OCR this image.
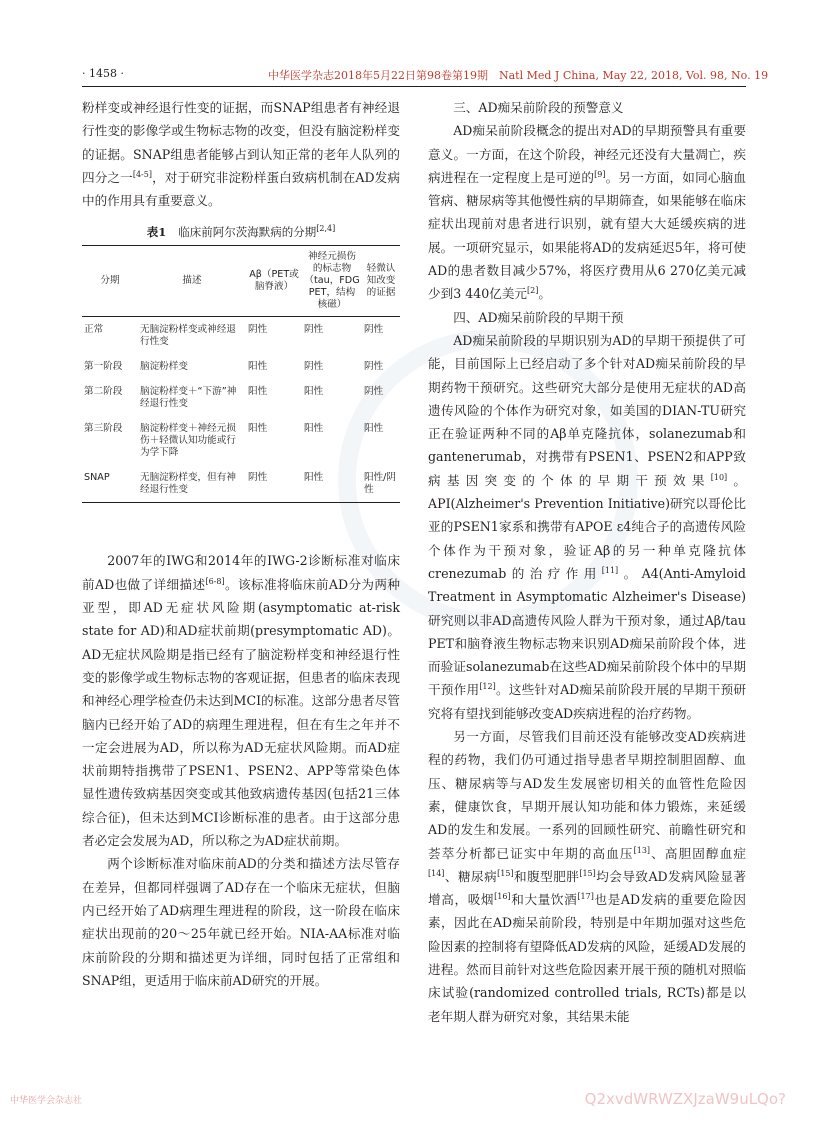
· 1458 ·	中华医学杂志2018年5月22日第98卷第19期　Natl Med J China, May 22, 2018, Vol. 98, No. 19

粉样变或神经退行性变的证据，而SNAP组患者有神经退行性变的影像学或生物标志物的改变，但没有脑淀粉样变的证据。SNAP组患者能够占到认知正常的老年人队列的四分之一[4-5]，对于研究非淀粉样蛋白致病机制在AD发病中的作用具有重要意义。

表1 临床前阿尔茨海默病的分期[2,4]
分期	描述	Aβ（PET或脑脊液）	神经元损伤的标志物（tau，FDG PET，结构核磁）	轻微认知改变的证据
正常	无脑淀粉样变或神经退行性变	阴性	阴性	阴性
第一阶段	脑淀粉样变	阳性	阴性	阴性
第二阶段	脑淀粉样变＋“下游”神经退行性变	阳性	阳性	阴性
第三阶段	脑淀粉样变＋神经元损伤＋轻微认知功能或行为学下降	阳性	阳性	阳性
SNAP	无脑淀粉样变，但有神经退行性变	阴性	阳性	阳性/阴性

2007年的IWG和2014年的IWG-2诊断标准对临床前AD也做了详细描述[6-8]。该标准将临床前AD分为两种亚型，即AD无症状风险期(asymptomatic at-risk state for AD)和AD症状前期(presymptomatic AD)。AD无症状风险期是指已经有了脑淀粉样变和神经退行性变的影像学或生物标志物的客观证据，但患者的临床表现和神经心理学检查仍未达到MCI的标准。这部分患者尽管脑内已经开始了AD的病理生理进程，但在有生之年并不一定会进展为AD，所以称为AD无症状风险期。而AD症状前期特指携带了PSEN1、PSEN2、APP等常染色体显性遗传致病基因突变或其他致病遗传基因(包括21三体综合征)，但未达到MCI诊断标准的患者。由于这部分患者必定会发展为AD，所以称之为AD症状前期。

两个诊断标准对临床前AD的分类和描述方法尽管存在差异，但都同样强调了AD存在一个临床无症状，但脑内已经开始了AD病理生理进程的阶段，这一阶段在临床症状出现前的20～25年就已经开始。NIA-AA标准对临床前阶段的分期和描述更为详细，同时包括了正常组和SNAP组，更适用于临床前AD研究的开展。

三、AD痴呆前阶段的预警意义

AD痴呆前阶段概念的提出对AD的早期预警具有重要意义。一方面，在这个阶段，神经元还没有大量凋亡，疾病进程在一定程度上是可逆的[9]。另一方面，如同心脑血管病、糖尿病等其他慢性病的早期筛查，如果能够在临床症状出现前对患者进行识别，就有望大大延缓疾病的进展。一项研究显示，如果能将AD的发病延迟5年，将可使AD的患者数目减少57%，将医疗费用从6 270亿美元减少到3 440亿美元[2]。

四、AD痴呆前阶段的早期干预

AD痴呆前阶段的早期识别为AD的早期干预提供了可能，目前国际上已经启动了多个针对AD痴呆前阶段的早期药物干预研究。这些研究大部分是使用无症状的AD高遗传风险的个体作为研究对象，如美国的DIAN-TU研究正在验证两种不同的Aβ单克隆抗体，solanezumab和gantenerumab，对携带有PSEN1、PSEN2和APP致病基因突变的个体的早期干预效果[10]。API(Alzheimer's Prevention Initiative)研究以哥伦比亚的PSEN1家系和携带有APOE ε4纯合子的高遗传风险个体作为干预对象，验证Aβ的另一种单克隆抗体crenezumab的治疗作用[11]。A4(Anti-Amyloid Treatment in Asymptomatic Alzheimer's Disease)研究则以非AD高遗传风险人群为干预对象，通过Aβ/tau PET和脑脊液生物标志物来识别AD痴呆前阶段个体，进而验证solanezumab在这些AD痴呆前阶段个体中的早期干预作用[12]。这些针对AD痴呆前阶段开展的早期干预研究将有望找到能够改变AD疾病进程的治疗药物。

另一方面，尽管我们目前还没有能够改变AD疾病进程的药物，我们仍可通过指导患者早期控制胆固醇、血压、糖尿病等与AD发生发展密切相关的血管性危险因素，健康饮食，早期开展认知功能和体力锻炼，来延缓AD的发生和发展。一系列的回顾性研究、前瞻性研究和荟萃分析都已证实中年期的高血压[13]、高胆固醇血症[14]、糖尿病[15]和腹型肥胖[15]均会导致AD发病风险显著增高，吸烟[16]和大量饮酒[17]也是AD发病的重要危险因素，因此在AD痴呆前阶段，特别是中年期加强对这些危险因素的控制将有望降低AD发病的风险，延缓AD发展的进程。然而目前针对这些危险因素开展干预的随机对照临床试验(randomized controlled trials, RCTs)都是以老年期人群为研究对象，其结果未能

中华医学会杂志社	Q2xvdWRWZXJzaW9uLQo?
